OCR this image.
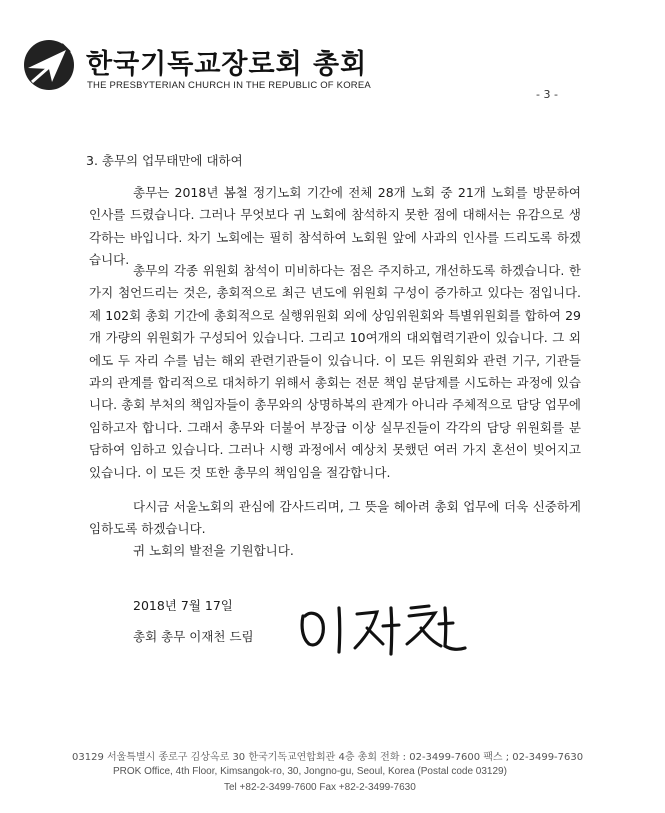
한국기독교장로회 총회
THE PRESBYTERIAN CHURCH IN THE REPUBLIC OF KOREA
- 3 -
3. 총무의 업무태만에 대하여

총무는 2018년 봄철 정기노회 기간에 전체 28개 노회 중 21개 노회를 방문하여 인사를 드렸습니다. 그러나 무엇보다 귀 노회에 참석하지 못한 점에 대해서는 유감으로 생각하는 바입니다. 차기 노회에는 필히 참석하여 노회원 앞에 사과의 인사를 드리도록 하겠습니다.

총무의 각종 위원회 참석이 미비하다는 점은 주지하고, 개선하도록 하겠습니다. 한 가지 첨언드리는 것은, 총회적으로 최근 년도에 위원회 구성이 증가하고 있다는 점입니다. 제 102회 총회 기간에 총회적으로 실행위원회 외에 상임위원회와 특별위원회를 합하여 29개 가량의 위원회가 구성되어 있습니다. 그리고 10여개의 대외협력기관이 있습니다. 그 외에도 두 자리 수를 넘는 해외 관련기관들이 있습니다. 이 모든 위원회와 관련 기구, 기관들과의 관계를 합리적으로 대처하기 위해서 총회는 전문 책임 분담제를 시도하는 과정에 있습니다. 총회 부처의 책임자들이 총무와의 상명하복의 관계가 아니라 주체적으로 담당 업무에 임하고자 합니다. 그래서 총무와 더불어 부장급 이상 실무진들이 각각의 담당 위원회를 분담하여 임하고 있습니다. 그러나 시행 과정에서 예상치 못했던 여러 가지 혼선이 빚어지고 있습니다. 이 모든 것 또한 총무의 책임임을 절감합니다.

다시금 서울노회의 관심에 감사드리며, 그 뜻을 헤아려 총회 업무에 더욱 신중하게 임하도록 하겠습니다.

귀 노회의 발전을 기원합니다.

2018년 7월 17일
총회 총무 이재천 드림
03129 서울특별시 종로구 김상옥로 30 한국기독교연합회관 4층 총회 전화 : 02-3499-7600 팩스 ; 02-3499-7630
PROK Office, 4th Floor, Kimsangok-ro, 30, Jongno-gu, Seoul, Korea (Postal code 03129)
Tel +82-2-3499-7600 Fax +82-2-3499-7630
